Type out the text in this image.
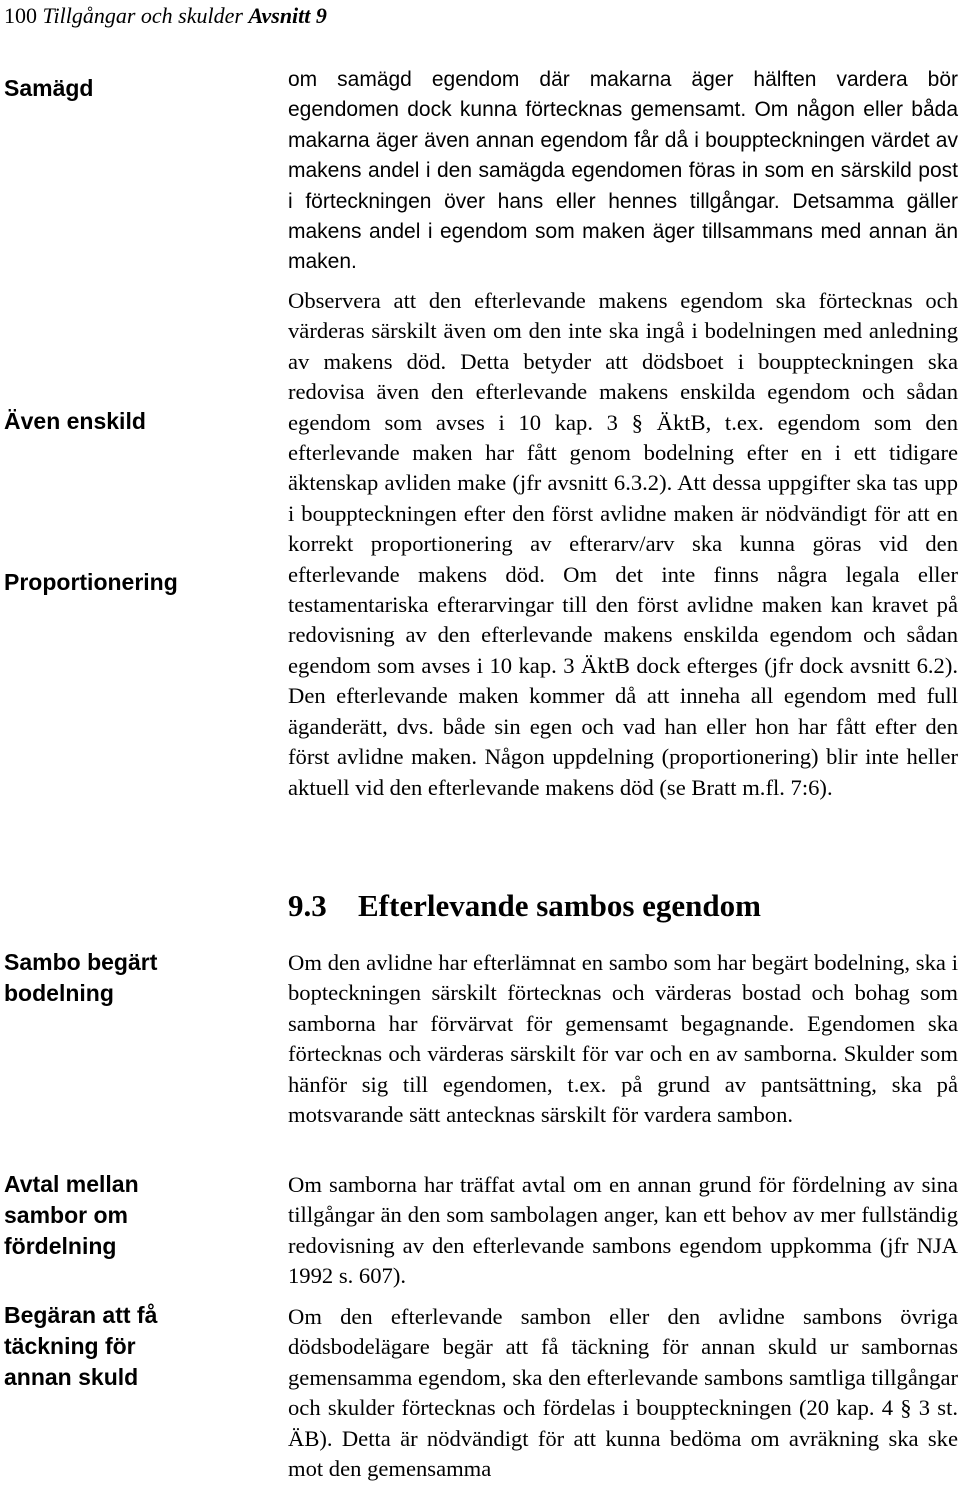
100 Tillgångar och skulder Avsnitt 9
Samägd
Även enskild
Proportionering
Sambo begärt bodelning
Avtal mellan sambor om fördelning
Begäran att få täckning för annan skuld

om samägd egendom där makarna äger hälften vardera bör egendomen dock kunna förtecknas gemensamt. Om någon eller båda makarna äger även annan egendom får då i bouppteckningen värdet av makens andel i den samägda egendomen föras in som en särskild post i förteckningen över hans eller hennes tillgångar. Detsamma gäller makens andel i egendom som maken äger tillsammans med annan än maken.

Observera att den efterlevande makens egendom ska förtecknas och värderas särskilt även om den inte ska ingå i bodelningen med anledning av makens död. Detta betyder att dödsboet i bouppteckningen ska redovisa även den efterlevande makens enskilda egendom och sådan egendom som avses i 10 kap. 3 § ÄktB, t.ex. egendom som den efterlevande maken har fått genom bodelning efter en i ett tidigare äktenskap avliden make (jfr avsnitt 6.3.2). Att dessa uppgifter ska tas upp i bouppteckningen efter den först avlidne maken är nödvändigt för att en korrekt proportionering av efterarv/arv ska kunna göras vid den efterlevande makens död. Om det inte finns några legala eller testamentariska efterarvingar till den först avlidne maken kan kravet på redovisning av den efterlevande makens enskilda egendom och sådan egendom som avses i 10 kap. 3 ÄktB dock efterges (jfr dock avsnitt 6.2). Den efterlevande maken kommer då att inneha all egendom med full äganderätt, dvs. både sin egen och vad han eller hon har fått efter den först avlidne maken. Någon uppdelning (proportionering) blir inte heller aktuell vid den efterlevande makens död (se Bratt m.fl. 7:6).

9.3 Efterlevande sambos egendom

Om den avlidne har efterlämnat en sambo som har begärt bodelning, ska i bopteckningen särskilt förtecknas och värderas bostad och bohag som samborna har förvärvat för gemensamt begagnande. Egendomen ska förtecknas och värderas särskilt för var och en av samborna. Skulder som hänför sig till egendomen, t.ex. på grund av pantsättning, ska på motsvarande sätt antecknas särskilt för vardera sambon.

Om samborna har träffat avtal om en annan grund för fördelning av sina tillgångar än den som sambolagen anger, kan ett behov av mer fullständig redovisning av den efterlevande sambons egendom uppkomma (jfr NJA 1992 s. 607).

Om den efterlevande sambon eller den avlidne sambons övriga dödsbodelägare begär att få täckning för annan skuld ur sambornas gemensamma egendom, ska den efterlevande sambons samtliga tillgångar och skulder förtecknas och fördelas i bouppteckningen (20 kap. 4 § 3 st. ÄB). Detta är nödvändigt för att kunna bedöma om avräkning ska ske mot den gemensamma
